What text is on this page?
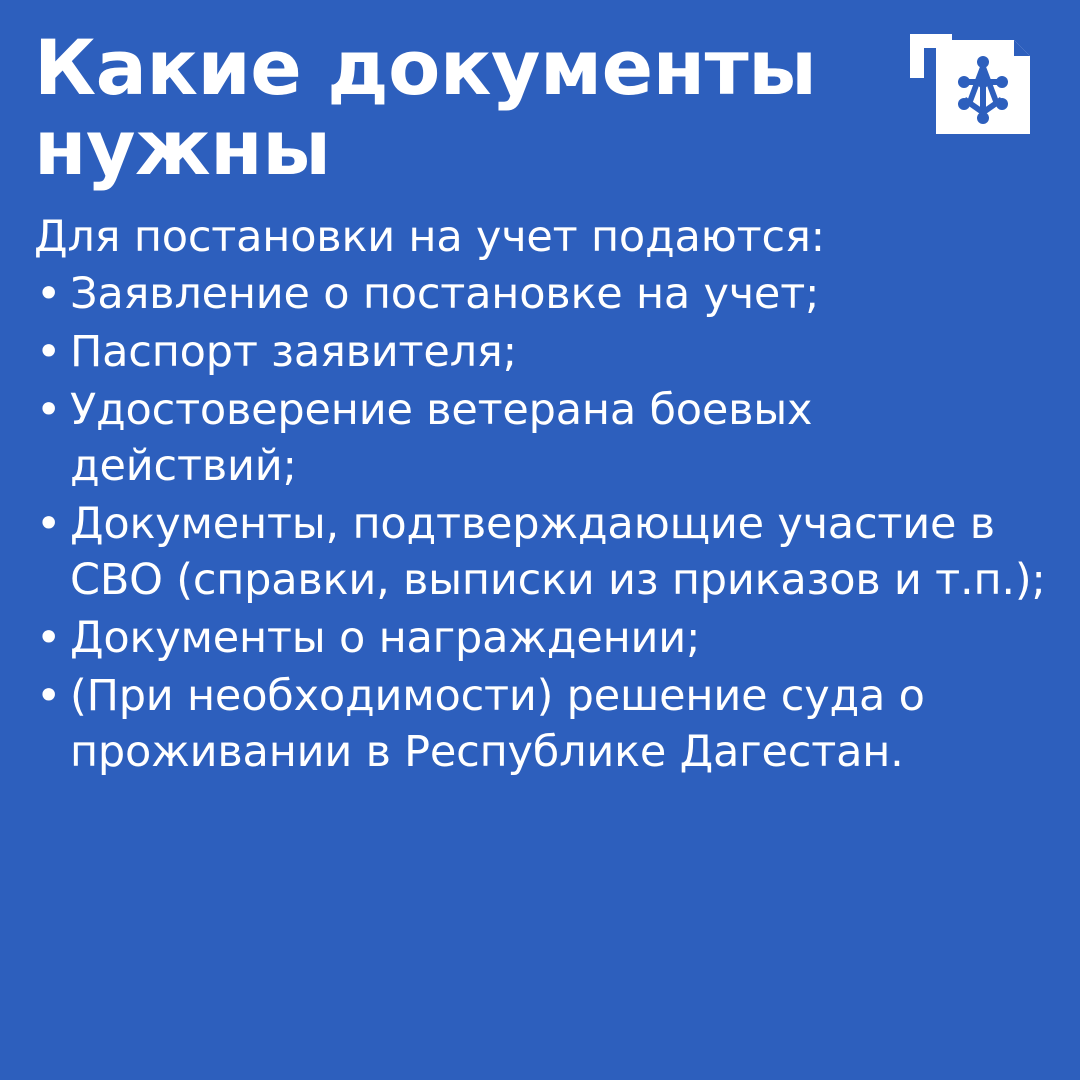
Какие документы нужны

Для постановки на учет подаются:

• Заявление о постановке на учет;
• Паспорт заявителя;
• Удостоверение ветерана боевых действий;
• Документы, подтверждающие участие в СВО (справки, выписки из приказов и т.п.);
• Документы о награждении;
• (При необходимости) решение суда о проживании в Республике Дагестан.
